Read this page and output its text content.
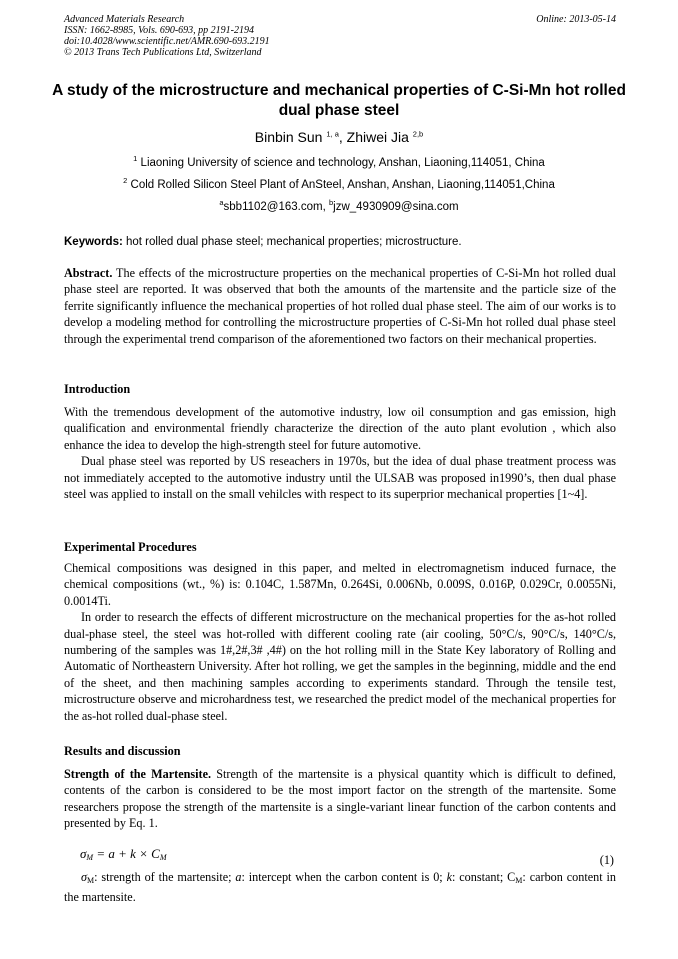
Advanced Materials Research
ISSN: 1662-8985, Vols. 690-693, pp 2191-2194
doi:10.4028/www.scientific.net/AMR.690-693.2191
© 2013 Trans Tech Publications Ltd, Switzerland
Online: 2013-05-14
A study of the microstructure and mechanical properties of C-Si-Mn hot rolled dual phase steel
Binbin Sun $^{1, a}$, Zhiwei Jia $^{2,b}$
$^1$ Liaoning University of science and technology, Anshan, Liaoning,114051, China
$^2$ Cold Rolled Silicon Steel Plant of AnSteel, Anshan, Anshan, Liaoning,114051,China
$^a$sbb1102@163.com, $^b$jzw_4930909@sina.com
Keywords: hot rolled dual phase steel; mechanical properties; microstructure.

Abstract. The effects of the microstructure properties on the mechanical properties of C-Si-Mn hot rolled dual phase steel are reported. It was observed that both the amounts of the martensite and the particle size of the ferrite significantly influence the mechanical properties of hot rolled dual phase steel. The aim of our works is to develop a modeling method for controlling the microstructure properties of C-Si-Mn hot rolled dual phase steel through the experimental trend comparison of the aforementioned two factors on their mechanical properties.

Introduction

With the tremendous development of the automotive industry, low oil consumption and gas emission, high qualification and environmental friendly characterize the direction of the auto plant evolution , which also enhance the idea to develop the high-strength steel for future automotive.

Dual phase steel was reported by US reseachers in 1970s, but the idea of dual phase treatment process was not immediately accepted to the automotive industry until the ULSAB was proposed in1990’s, then dual phase steel was applied to install on the small vehilcles with respect to its superprior mechanical properties [1~4].

Experimental Procedures

Chemical compositions was designed in this paper, and melted in electromagnetism induced furnace, the chemical compositions (wt., %) is: 0.104C, 1.587Mn, 0.264Si, 0.006Nb, 0.009S, 0.016P, 0.029Cr, 0.0055Ni, 0.0014Ti.

In order to research the effects of different microstructure on the mechanical properties for the as-hot rolled dual-phase steel, the steel was hot-rolled with different cooling rate (air cooling, 50°C/s, 90°C/s, 140°C/s, numbering of the samples was 1#,2#,3# ,4#) on the hot rolling mill in the State Key laboratory of Rolling and Automatic of Northeastern University. After hot rolling, we get the samples in the beginning, middle and the end of the sheet, and then machining samples according to experiments standard. Through the tensile test, microstructure observe and microhardness test, we researched the predict model of the mechanical properties for the as-hot rolled dual-phase steel.

Results and discussion

Strength of the Martensite. Strength of the martensite is a physical quantity which is difficult to defined, contents of the carbon is considered to be the most import factor on the strength of the martensite. Some researchers propose the strength of the martensite is a single-variant linear function of the carbon contents and presented by Eq. 1.

$\sigma_M = a + k \times C_M$	(1)

$\sigma_M$: strength of the martensite; a: intercept when the carbon content is 0; k: constant; $C_M$: carbon content in the martensite.
